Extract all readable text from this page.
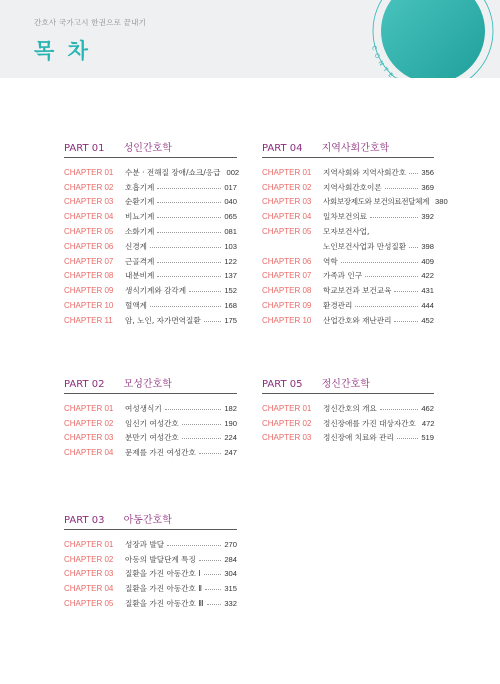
간호사 국가고시 한권으로 끝내기
목 차	CONTENTS
PART 01 성인간호학
CHAPTER 01	수분 · 전해질 장애/쇼크/응급 002
CHAPTER 02	호흡기계	017
CHAPTER 03	순환기계	040
CHAPTER 04	비뇨기계	065
CHAPTER 05	소화기계	081
CHAPTER 06	신경계	103
CHAPTER 07	근골격계	122
CHAPTER 08	내분비계	137
CHAPTER 09	생식기계와 감각계	152
CHAPTER 10	혈액계	168
CHAPTER 11	암, 노인, 자가면역질환	175
PART 04 지역사회간호학
CHAPTER 01	지역사회와 지역사회간호 356
CHAPTER 02	지역사회간호이론	369
CHAPTER 03	사회보장제도와 보건의료전달체계 380
CHAPTER 04	일차보건의료	392
CHAPTER 05	모자보건사업,
노인보건사업과 만성질환 398
CHAPTER 06	역학	409
CHAPTER 07	가족과 인구	422
CHAPTER 08	학교보건과 보건교육	431
CHAPTER 09	환경관리	444
CHAPTER 10	산업간호와 재난관리	452
PART 02 모성간호학
CHAPTER 01	여성생식기	182
CHAPTER 02	임신기 여성간호	190
CHAPTER 03	분만기 여성간호	224
CHAPTER 04	문제를 가진 여성간호	247
PART 05 정신간호학
CHAPTER 01	정신간호의 개요	462
CHAPTER 02	정신장애를 가진 대상자간호 472
CHAPTER 03	정신장애 치료와 관리	519
PART 03 아동간호학
CHAPTER 01	성장과 발달	270
CHAPTER 02	아동의 발달단계 특징	284
CHAPTER 03	질환을 가진 아동간호 Ⅰ	304
CHAPTER 04	질환을 가진 아동간호 Ⅱ	315
CHAPTER 05	질환을 가진 아동간호 Ⅲ	332
